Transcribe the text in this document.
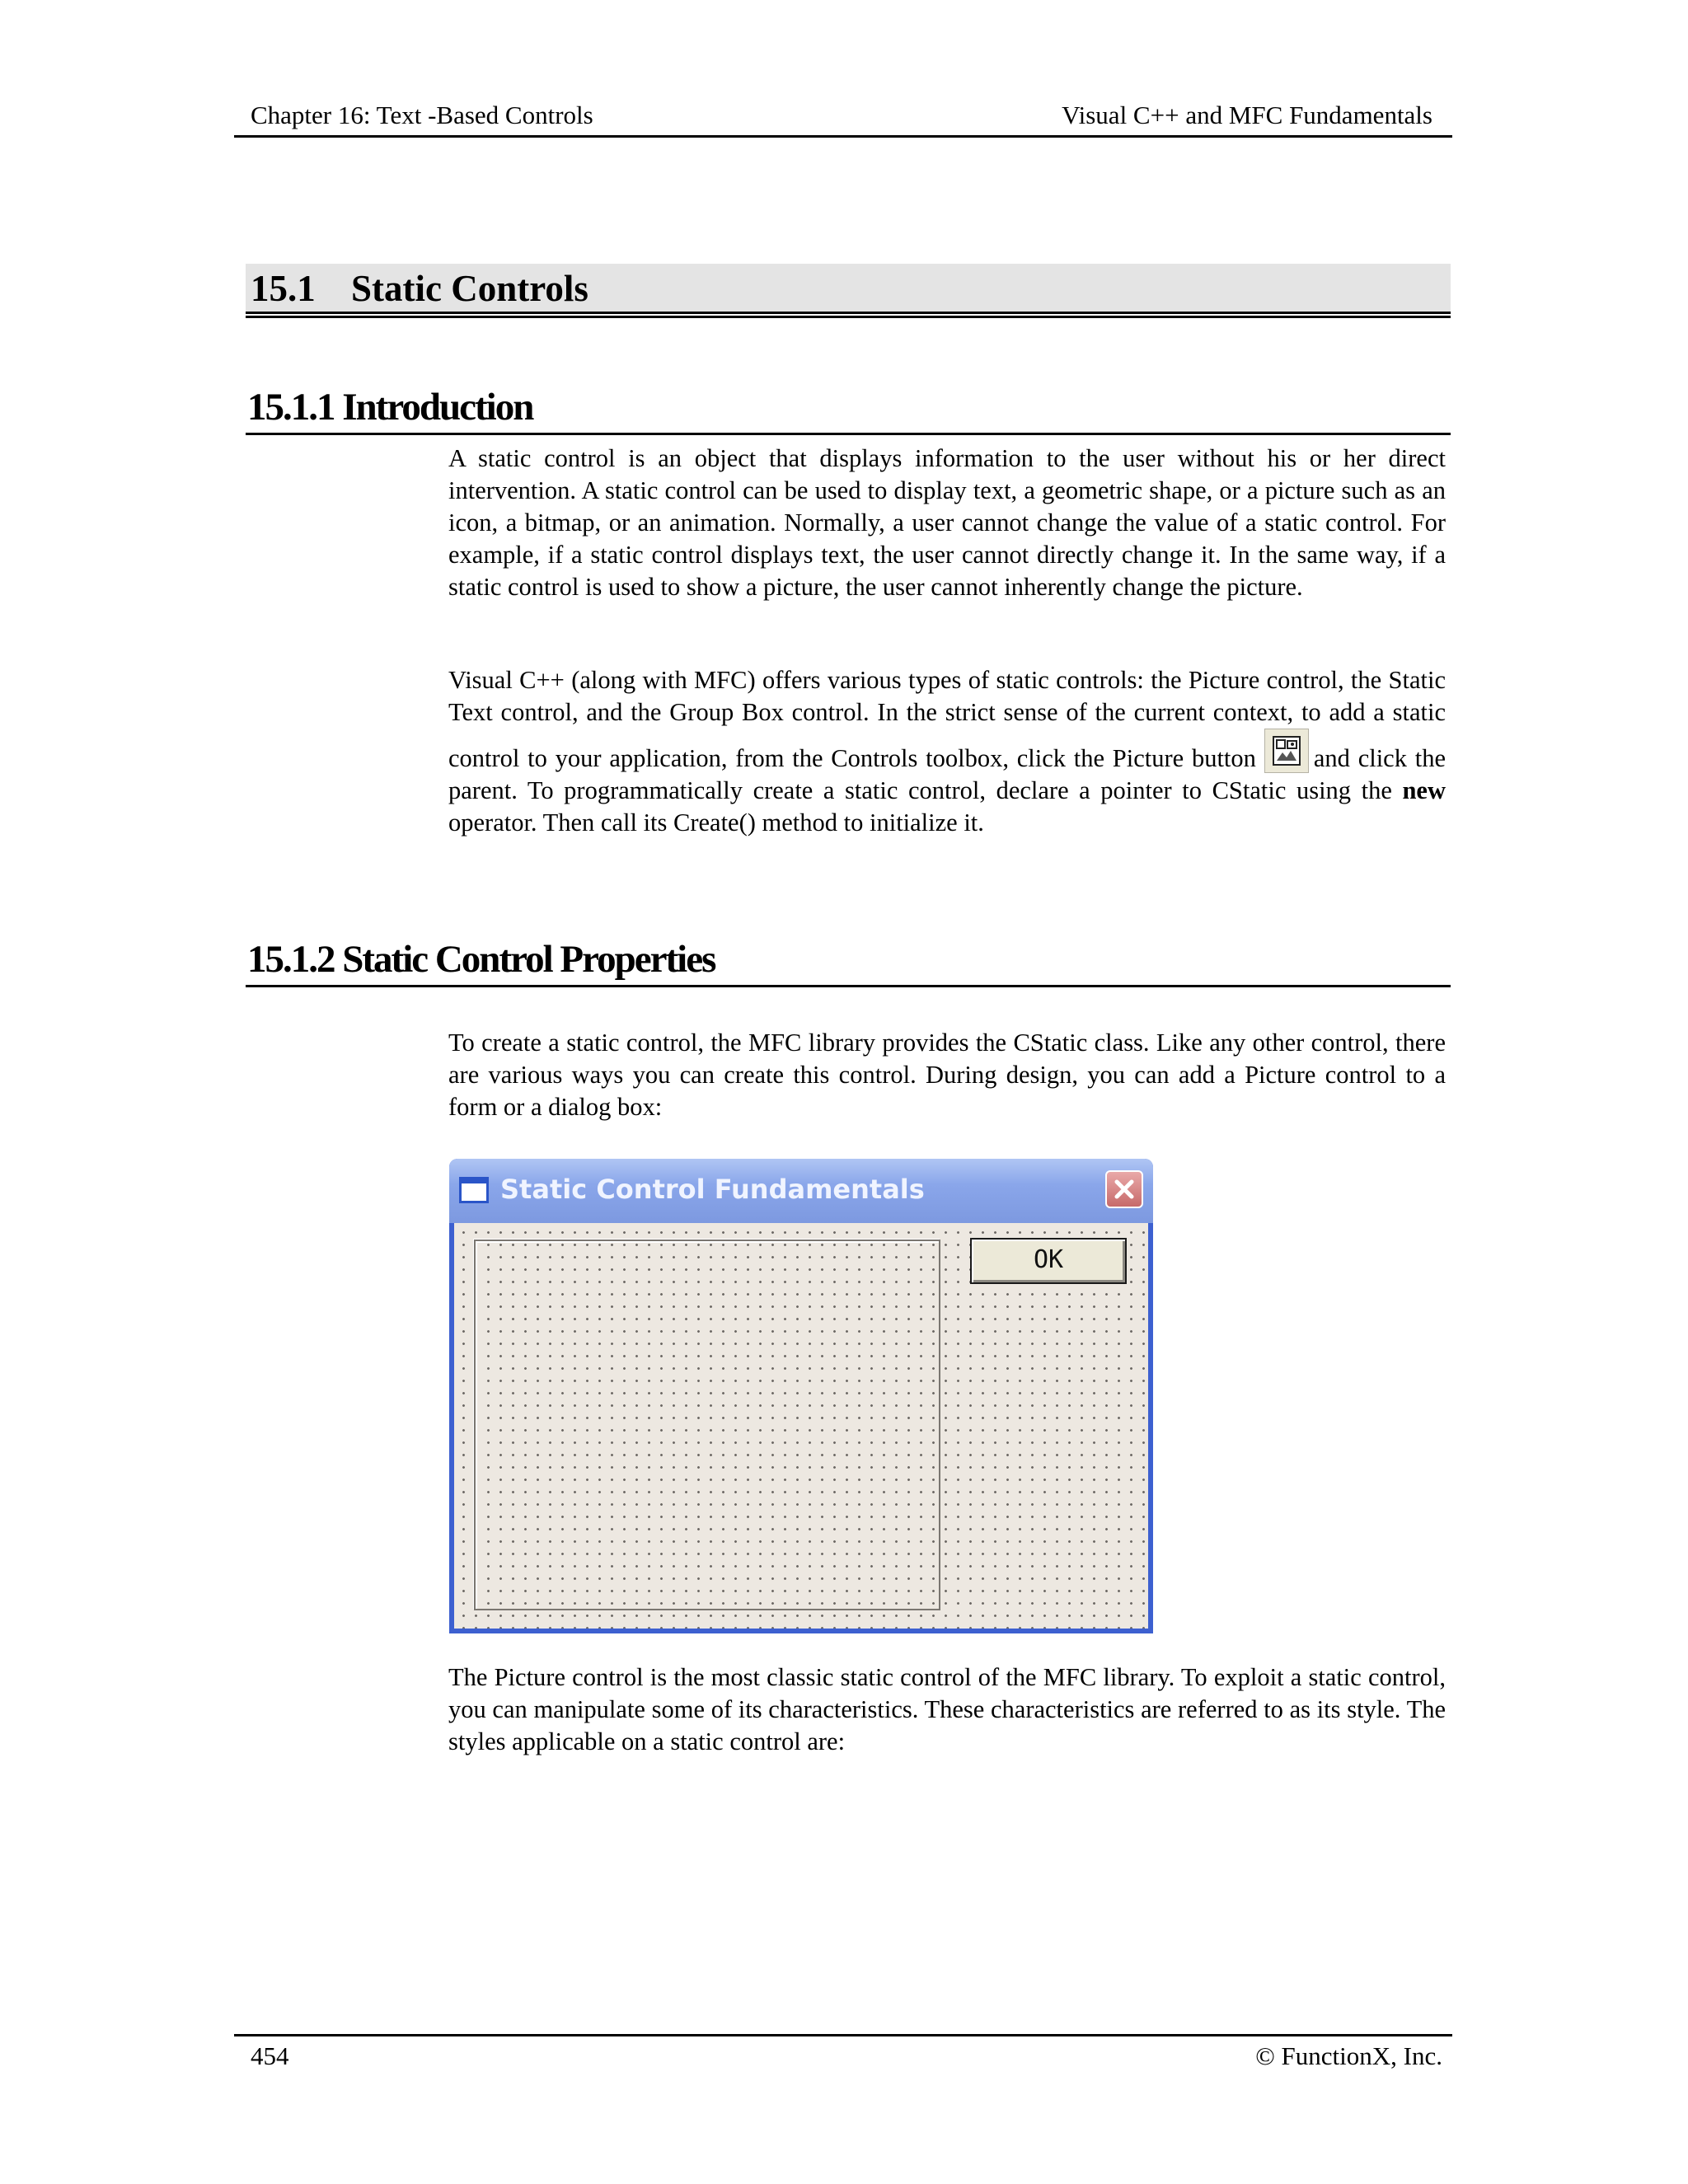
Chapter 16: Text -Based Controls	Visual C++ and MFC Fundamentals
15.1 Static Controls
15.1.1 Introduction

A static control is an object that displays information to the user without his or her direct intervention. A static control can be used to display text, a geometric shape, or a picture such as an icon, a bitmap, or an animation. Normally, a user cannot change the value of a static control. For example, if a static control displays text, the user cannot directly change it. In the same way, if a static control is used to show a picture, the user cannot inherently change the picture.

Visual C++ (along with MFC) offers various types of static controls: the Picture control, the Static Text control, and the Group Box control. In the strict sense of the current context, to add a static control to your application, from the Controls toolbox, click the Picture button and click the parent. To programmatically create a static control, declare a pointer to CStatic using the new operator. Then call its Create() method to initialize it.

15.1.2 Static Control Properties

To create a static control, the MFC library provides the CStatic class. Like any other control, there are various ways you can create this control. During design, you can add a Picture control to a form or a dialog box:

Static Control Fundamentals
OK

The Picture control is the most classic static control of the MFC library. To exploit a static control, you can manipulate some of its characteristics. These characteristics are referred to as its style. The styles applicable on a static control are:

454	© FunctionX, Inc.
